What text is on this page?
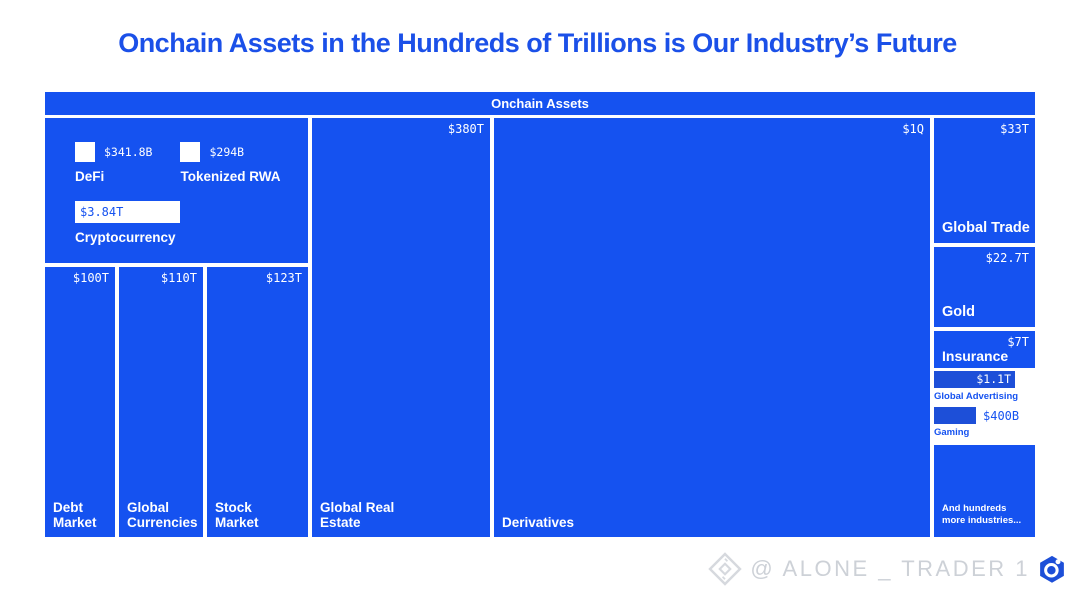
Onchain Assets in the Hundreds of Trillions is Our Industry’s Future
Onchain Assets
$341.8B
DeFi
$294B
Tokenized RWA
$3.84T
Cryptocurrency
$100T
Debt Market
$110T
Global Currencies
$123T
Stock Market
$380T
Global Real Estate
$1Q
Derivatives
$33T
Global Trade
$22.7T
Gold
$7T
Insurance
$1.1T
Global Advertising
$400B
Gaming
And hundreds more industries...
@ ALONE _ TRADER 1
